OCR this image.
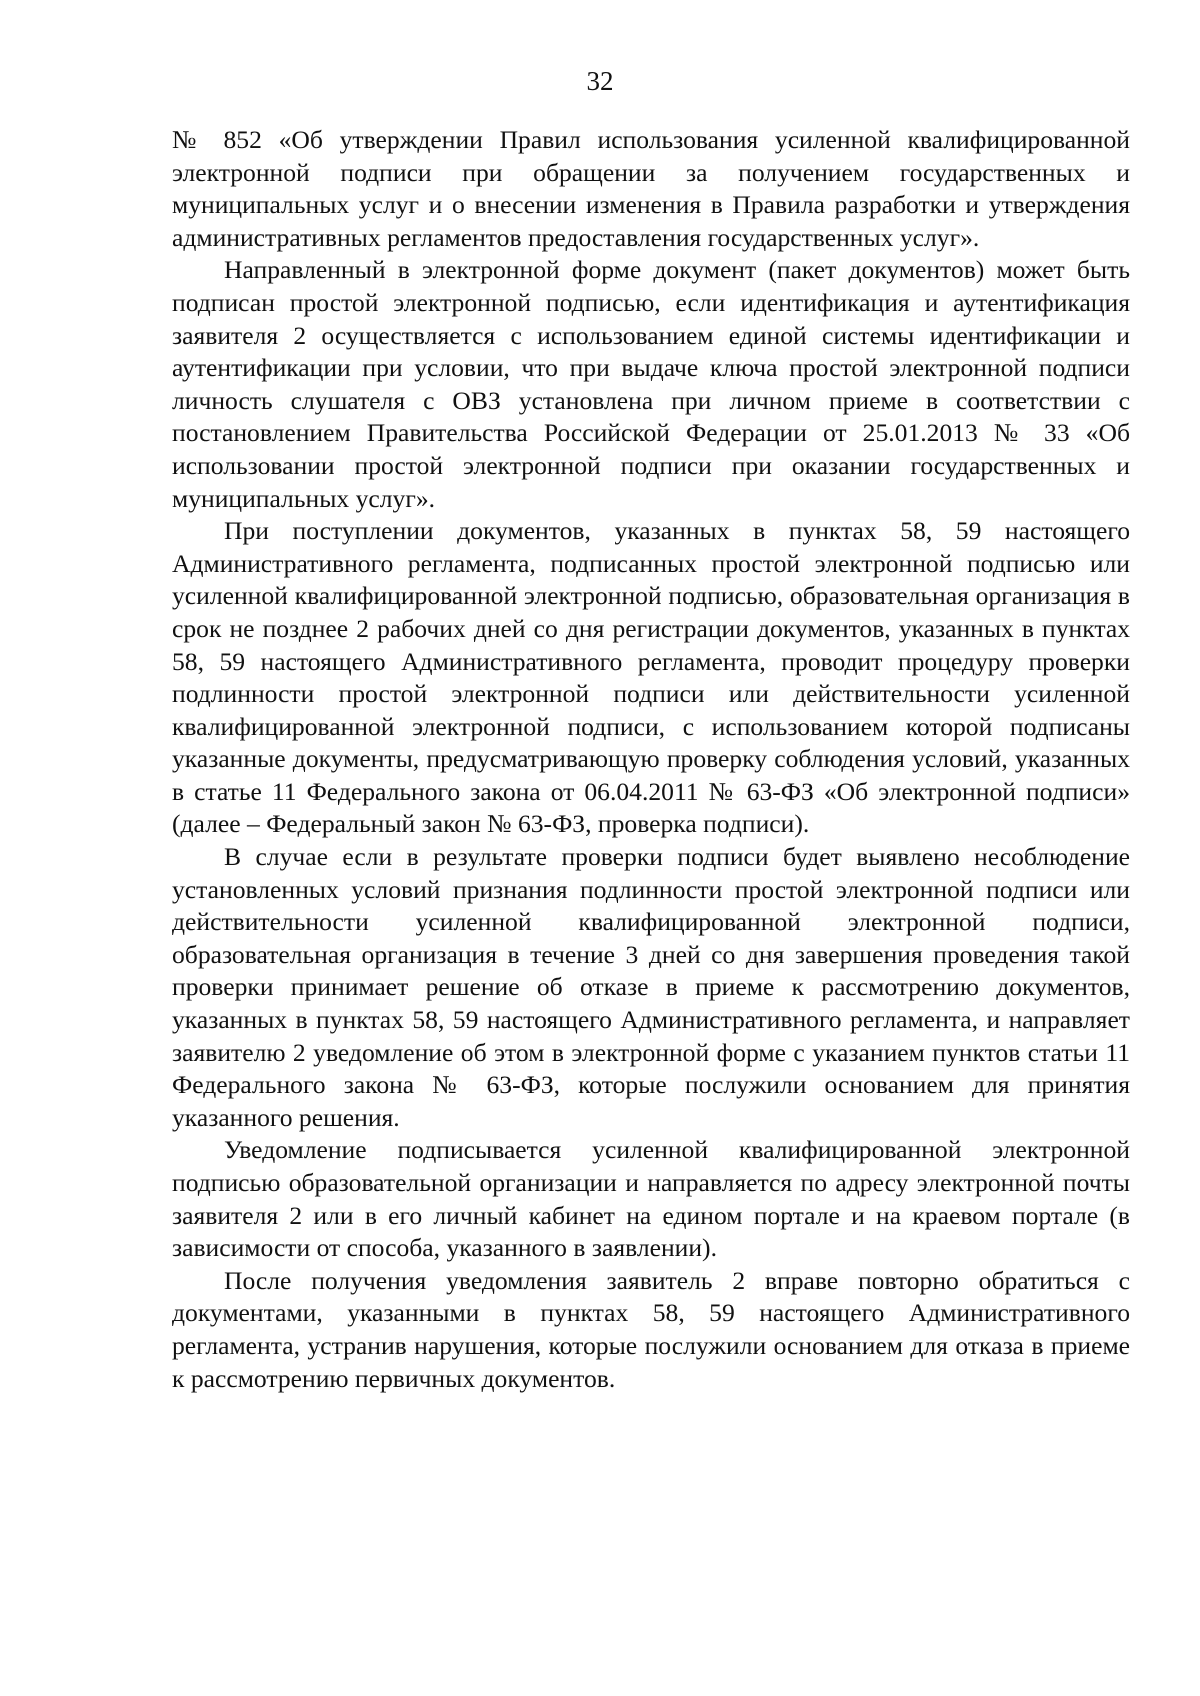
32

№ 852 «Об утверждении Правил использования усиленной квалифицированной электронной подписи при обращении за получением государственных и муниципальных услуг и о внесении изменения в Правила разработки и утверждения административных регламентов предоставления государственных услуг».

Направленный в электронной форме документ (пакет документов) может быть подписан простой электронной подписью, если идентификация и аутентификация заявителя 2 осуществляется с использованием единой системы идентификации и аутентификации при условии, что при выдаче ключа простой электронной подписи личность слушателя с ОВЗ установлена при личном приеме в соответствии с постановлением Правительства Российской Федерации от 25.01.2013 № 33 «Об использовании простой электронной подписи при оказании государственных и муниципальных услуг».

При поступлении документов, указанных в пунктах 58, 59 настоящего Административного регламента, подписанных простой электронной подписью или усиленной квалифицированной электронной подписью, образовательная организация в срок не позднее 2 рабочих дней со дня регистрации документов, указанных в пунктах 58, 59 настоящего Административного регламента, проводит процедуру проверки подлинности простой электронной подписи или действительности усиленной квалифицированной электронной подписи, с использованием которой подписаны указанные документы, предусматривающую проверку соблюдения условий, указанных в статье 11 Федерального закона от 06.04.2011 № 63-ФЗ «Об электронной подписи» (далее – Федеральный закон № 63-ФЗ, проверка подписи).

В случае если в результате проверки подписи будет выявлено несоблюдение установленных условий признания подлинности простой электронной подписи или действительности усиленной квалифицированной электронной подписи, образовательная организация в течение 3 дней со дня завершения проведения такой проверки принимает решение об отказе в приеме к рассмотрению документов, указанных в пунктах 58, 59 настоящего Административного регламента, и направляет заявителю 2 уведомление об этом в электронной форме с указанием пунктов статьи 11 Федерального закона № 63-ФЗ, которые послужили основанием для принятия указанного решения.

Уведомление подписывается усиленной квалифицированной электронной подписью образовательной организации и направляется по адресу электронной почты заявителя 2 или в его личный кабинет на едином портале и на краевом портале (в зависимости от способа, указанного в заявлении).

После получения уведомления заявитель 2 вправе повторно обратиться с документами, указанными в пунктах 58, 59 настоящего Административного регламента, устранив нарушения, которые послужили основанием для отказа в приеме к рассмотрению первичных документов.
